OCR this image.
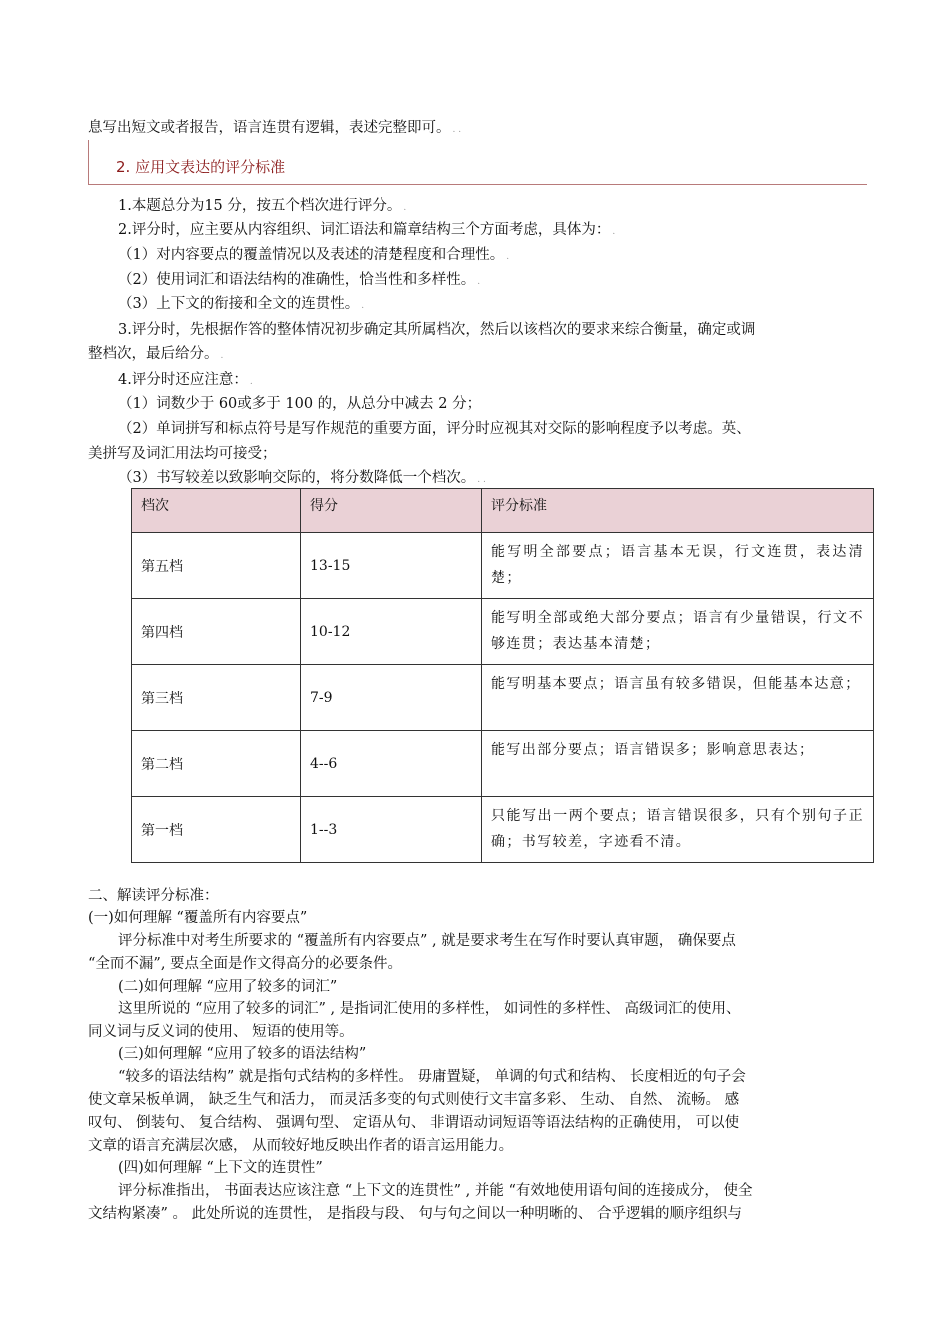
息写出短文或者报告，语言连贯有逻辑，表述完整即可。 . .
2. 应用文表达的评分标准
1.本题总分为15 分，按五个档次进行评分。 .
2.评分时，应主要从内容组织、词汇语法和篇章结构三个方面考虑，具体为： .
（1）对内容要点的覆盖情况以及表述的清楚程度和合理性。 .
（2）使用词汇和语法结构的准确性，恰当性和多样性。 .
（3）上下文的衔接和全文的连贯性。 .
3.评分时，先根据作答的整体情况初步确定其所属档次，然后以该档次的要求来综合衡量，确定或调
整档次，最后给分。 .
4.评分时还应注意： .
（1）词数少于 60或多于 100 的，从总分中减去 2 分；
（2）单词拼写和标点符号是写作规范的重要方面，评分时应视其对交际的影响程度予以考虑。英、
美拼写及词汇用法均可接受；
（3）书写较差以致影响交际的，将分数降低一个档次。 . .
档次	得分	评分标准
第五档	13-15	能写明全部要点；语言基本无误，行文连贯，表达清楚；
第四档	10-12	能写明全部或绝大部分要点；语言有少量错误，行文不够连贯；表达基本清楚；
第三档	7-9	能写明基本要点；语言虽有较多错误，但能基本达意；
第二档	4--6	能写出部分要点；语言错误多；影响意思表达；
第一档	1--3	只能写出一两个要点；语言错误很多，只有个别句子正确；书写较差，字迹看不清。
二、解读评分标准：
(一)如何理解 “覆盖所有内容要点”
评分标准中对考生所要求的 “覆盖所有内容要点” , 就是要求考生在写作时要认真审题， 确保要点
“全而不漏”, 要点全面是作文得高分的必要条件。
(二)如何理解 “应用了较多的词汇”
这里所说的 “应用了较多的词汇” , 是指词汇使用的多样性， 如词性的多样性、 高级词汇的使用、
同义词与反义词的使用、 短语的使用等。
(三)如何理解 “应用了较多的语法结构”
“较多的语法结构” 就是指句式结构的多样性。 毋庸置疑， 单调的句式和结构、 长度相近的句子会
使文章呆板单调， 缺乏生气和活力， 而灵活多变的句式则使行文丰富多彩、 生动、 自然、 流畅。 感
叹句、 倒装句、 复合结构、 强调句型、 定语从句、 非谓语动词短语等语法结构的正确使用， 可以使
文章的语言充满层次感， 从而较好地反映出作者的语言运用能力。
(四)如何理解 “上下文的连贯性”
评分标准指出， 书面表达应该注意 “上下文的连贯性” , 并能 “有效地使用语句间的连接成分， 使全
文结构紧凑” 。 此处所说的连贯性， 是指段与段、 句与句之间以一种明晰的、 合乎逻辑的顺序组织与
